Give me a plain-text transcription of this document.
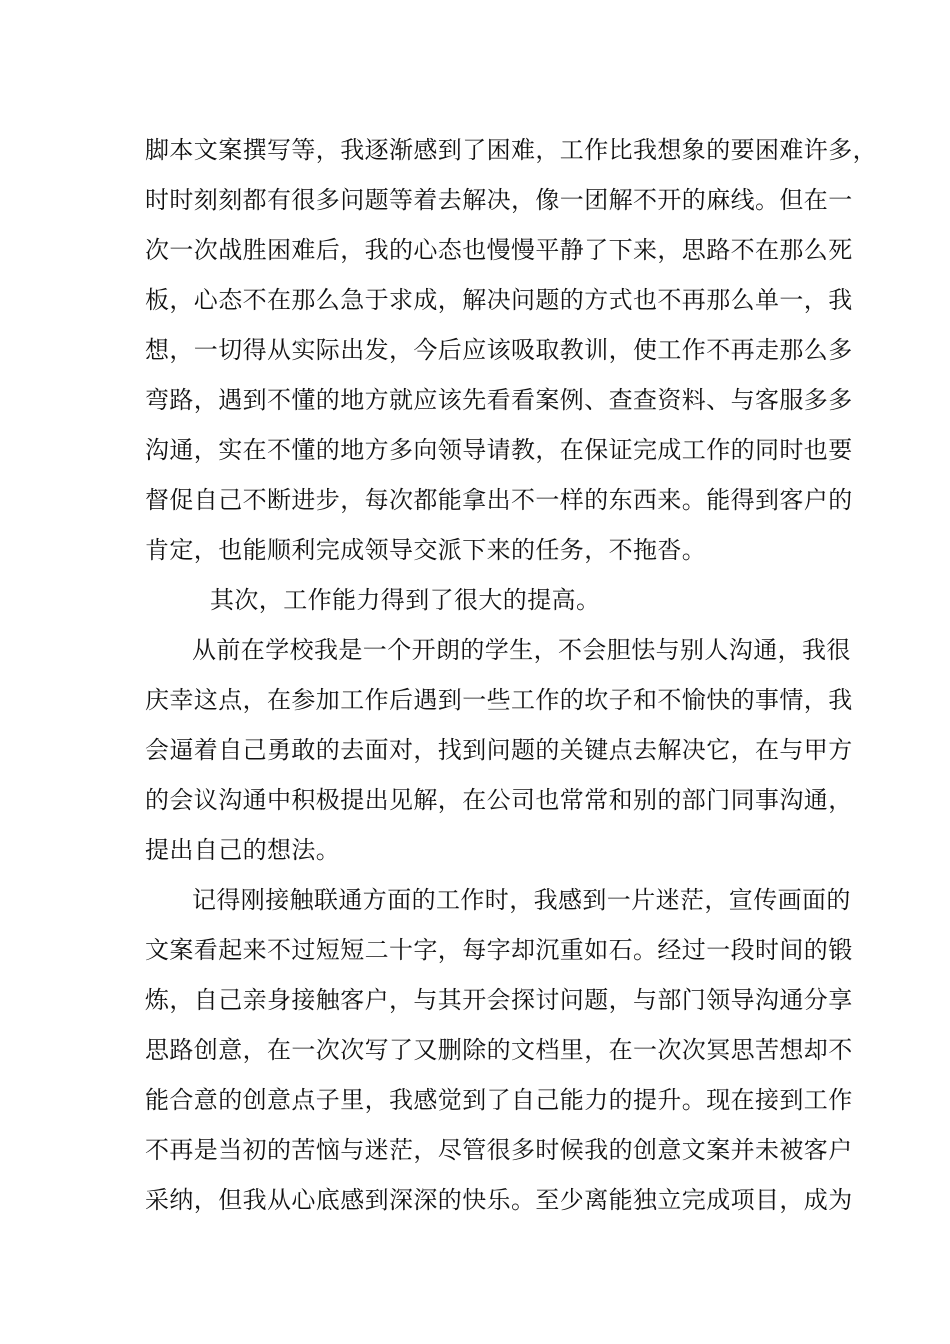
脚本文案撰写等，我逐渐感到了困难，工作比我想象的要困难许多，
时时刻刻都有很多问题等着去解决，像一团解不开的麻线。但在一
次一次战胜困难后，我的心态也慢慢平静了下来，思路不在那么死
板，心态不在那么急于求成，解决问题的方式也不再那么单一，我
想，一切得从实际出发，今后应该吸取教训，使工作不再走那么多
弯路，遇到不懂的地方就应该先看看案例、查查资料、与客服多多
沟通，实在不懂的地方多向领导请教，在保证完成工作的同时也要
督促自己不断进步，每次都能拿出不一样的东西来。能得到客户的
肯定，也能顺利完成领导交派下来的任务，不拖沓。
其次，工作能力得到了很大的提高。
从前在学校我是一个开朗的学生，不会胆怯与别人沟通，我很
庆幸这点，在参加工作后遇到一些工作的坎子和不愉快的事情，我
会逼着自己勇敢的去面对，找到问题的关键点去解决它，在与甲方
的会议沟通中积极提出见解，在公司也常常和别的部门同事沟通，
提出自己的想法。
记得刚接触联通方面的工作时，我感到一片迷茫，宣传画面的
文案看起来不过短短二十字，每字却沉重如石。经过一段时间的锻
炼，自己亲身接触客户，与其开会探讨问题，与部门领导沟通分享
思路创意，在一次次写了又删除的文档里，在一次次冥思苦想却不
能合意的创意点子里，我感觉到了自己能力的提升。现在接到工作
不再是当初的苦恼与迷茫，尽管很多时候我的创意文案并未被客户
采纳，但我从心底感到深深的快乐。至少离能独立完成项目，成为
